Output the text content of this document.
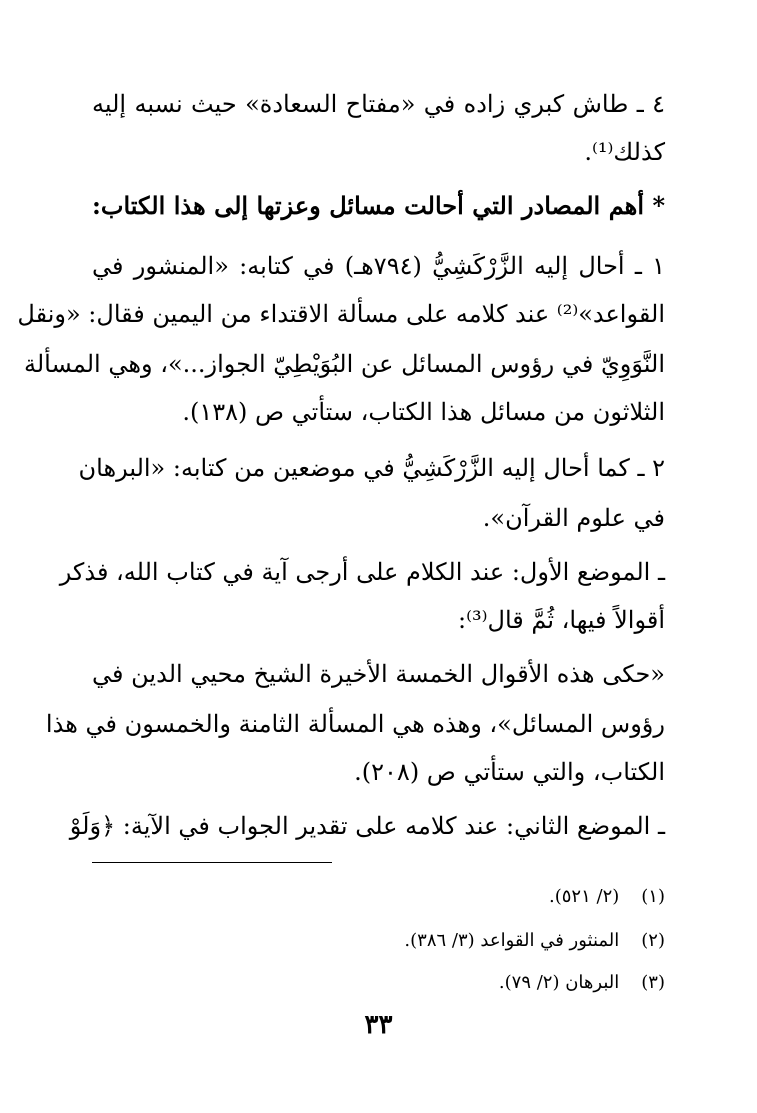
٤ ـ طاش كبري زاده في «مفتاح السعادة» حيث نسبه إليه
كذلك⁽¹⁾.
* أهم المصادر التي أحالت مسائل وعزتها إلى هذا الكتاب:
١ ـ أحال إليه الزَّرْكَشِيُّ (٧٩٤هـ) في كتابه: «المنشور في
القواعد»⁽²⁾ عند كلامه على مسألة الاقتداء من اليمين فقال: «ونقل
النَّوَوِيّ في رؤوس المسائل عن البُوَيْطِيّ الجواز...»، وهي المسألة
الثلاثون من مسائل هذا الكتاب، ستأتي ص (١٣٨).
٢ ـ كما أحال إليه الزَّرْكَشِيُّ في موضعين من كتابه: «البرهان
في علوم القرآن».
ـ الموضع الأول: عند الكلام على أرجى آية في كتاب الله، فذكر
أقوالاً فيها، ثُمَّ قال⁽³⁾:
«حكى هذه الأقوال الخمسة الأخيرة الشيخ محيي الدين في
رؤوس المسائل»، وهذه هي المسألة الثامنة والخمسون في هذا
الكتاب، والتي ستأتي ص (٢٠٨).
ـ الموضع الثاني: عند كلامه على تقدير الجواب في الآية: ﴿وَلَوْ
(١) (٢/ ٥٢١).
(٢) المنثور في القواعد (٣/ ٣٨٦).
(٣) البرهان (٢/ ٧٩).
٣٣
